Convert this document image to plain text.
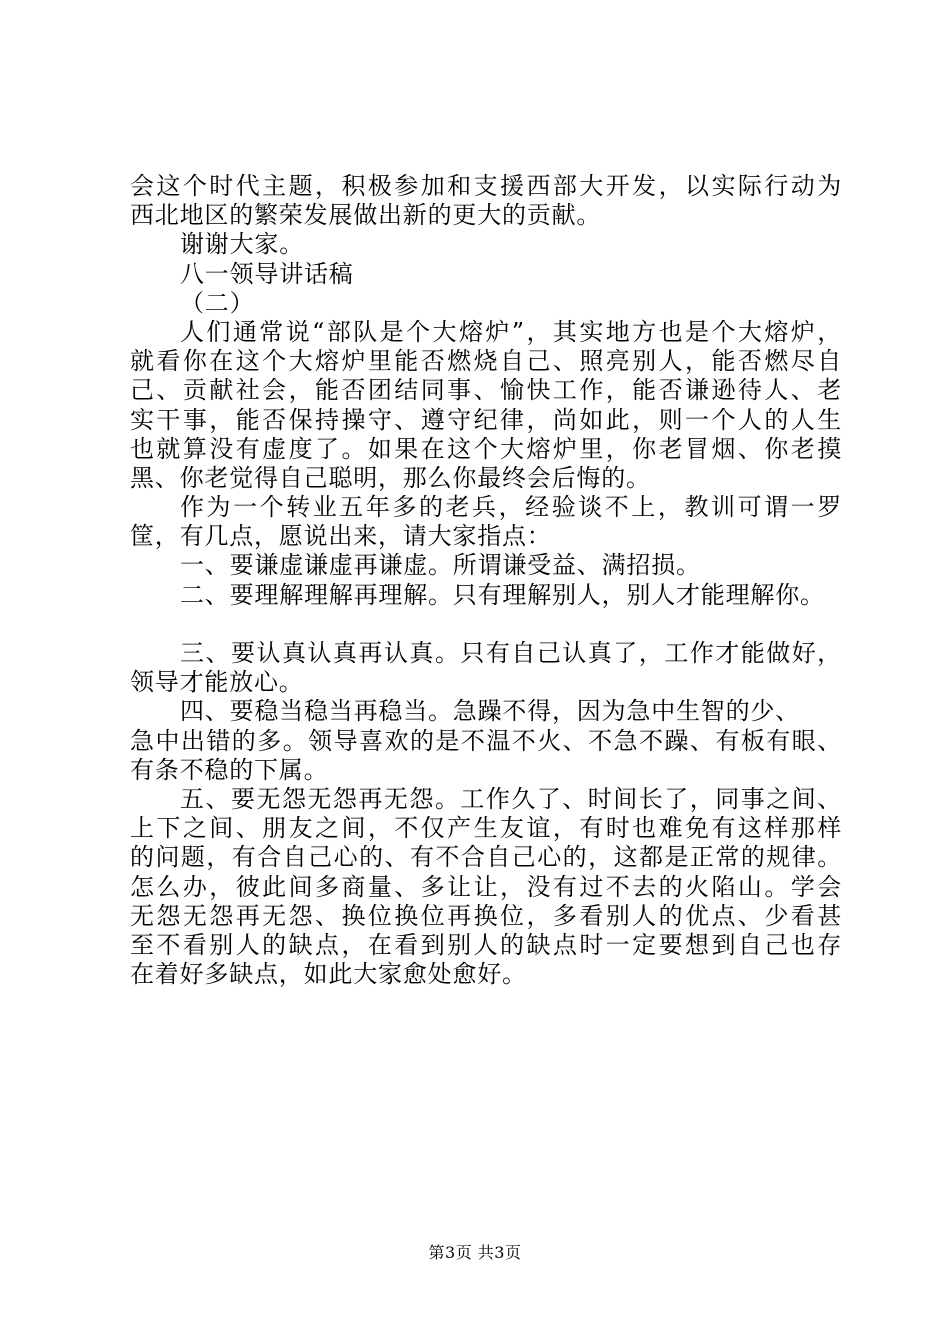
会这个时代主题，积极参加和支援西部大开发，以实际行动为
西北地区的繁荣发展做出新的更大的贡献。
谢谢大家。
八一领导讲话稿
（二）
人们通常说“部队是个大熔炉”，其实地方也是个大熔炉，
就看你在这个大熔炉里能否燃烧自己、照亮别人，能否燃尽自
己、贡献社会，能否团结同事、愉快工作，能否谦逊待人、老
实干事，能否保持操守、遵守纪律，尚如此，则一个人的人生
也就算没有虚度了。如果在这个大熔炉里，你老冒烟、你老摸
黑、你老觉得自己聪明，那么你最终会后悔的。
作为一个转业五年多的老兵，经验谈不上，教训可谓一罗
筐，有几点，愿说出来，请大家指点：
一、要谦虚谦虚再谦虚。所谓谦受益、满招损。
二、要理解理解再理解。只有理解别人，别人才能理解你。
三、要认真认真再认真。只有自己认真了，工作才能做好，
领导才能放心。
四、要稳当稳当再稳当。急躁不得，因为急中生智的少、
急中出错的多。领导喜欢的是不温不火、不急不躁、有板有眼、
有条不稳的下属。
五、要无怨无怨再无怨。工作久了、时间长了，同事之间、
上下之间、朋友之间，不仅产生友谊，有时也难免有这样那样
的问题，有合自己心的、有不合自己心的，这都是正常的规律。
怎么办，彼此间多商量、多让让，没有过不去的火陷山。学会
无怨无怨再无怨、换位换位再换位，多看别人的优点、少看甚
至不看别人的缺点，在看到别人的缺点时一定要想到自己也存
在着好多缺点，如此大家愈处愈好。
第3页 共3页
